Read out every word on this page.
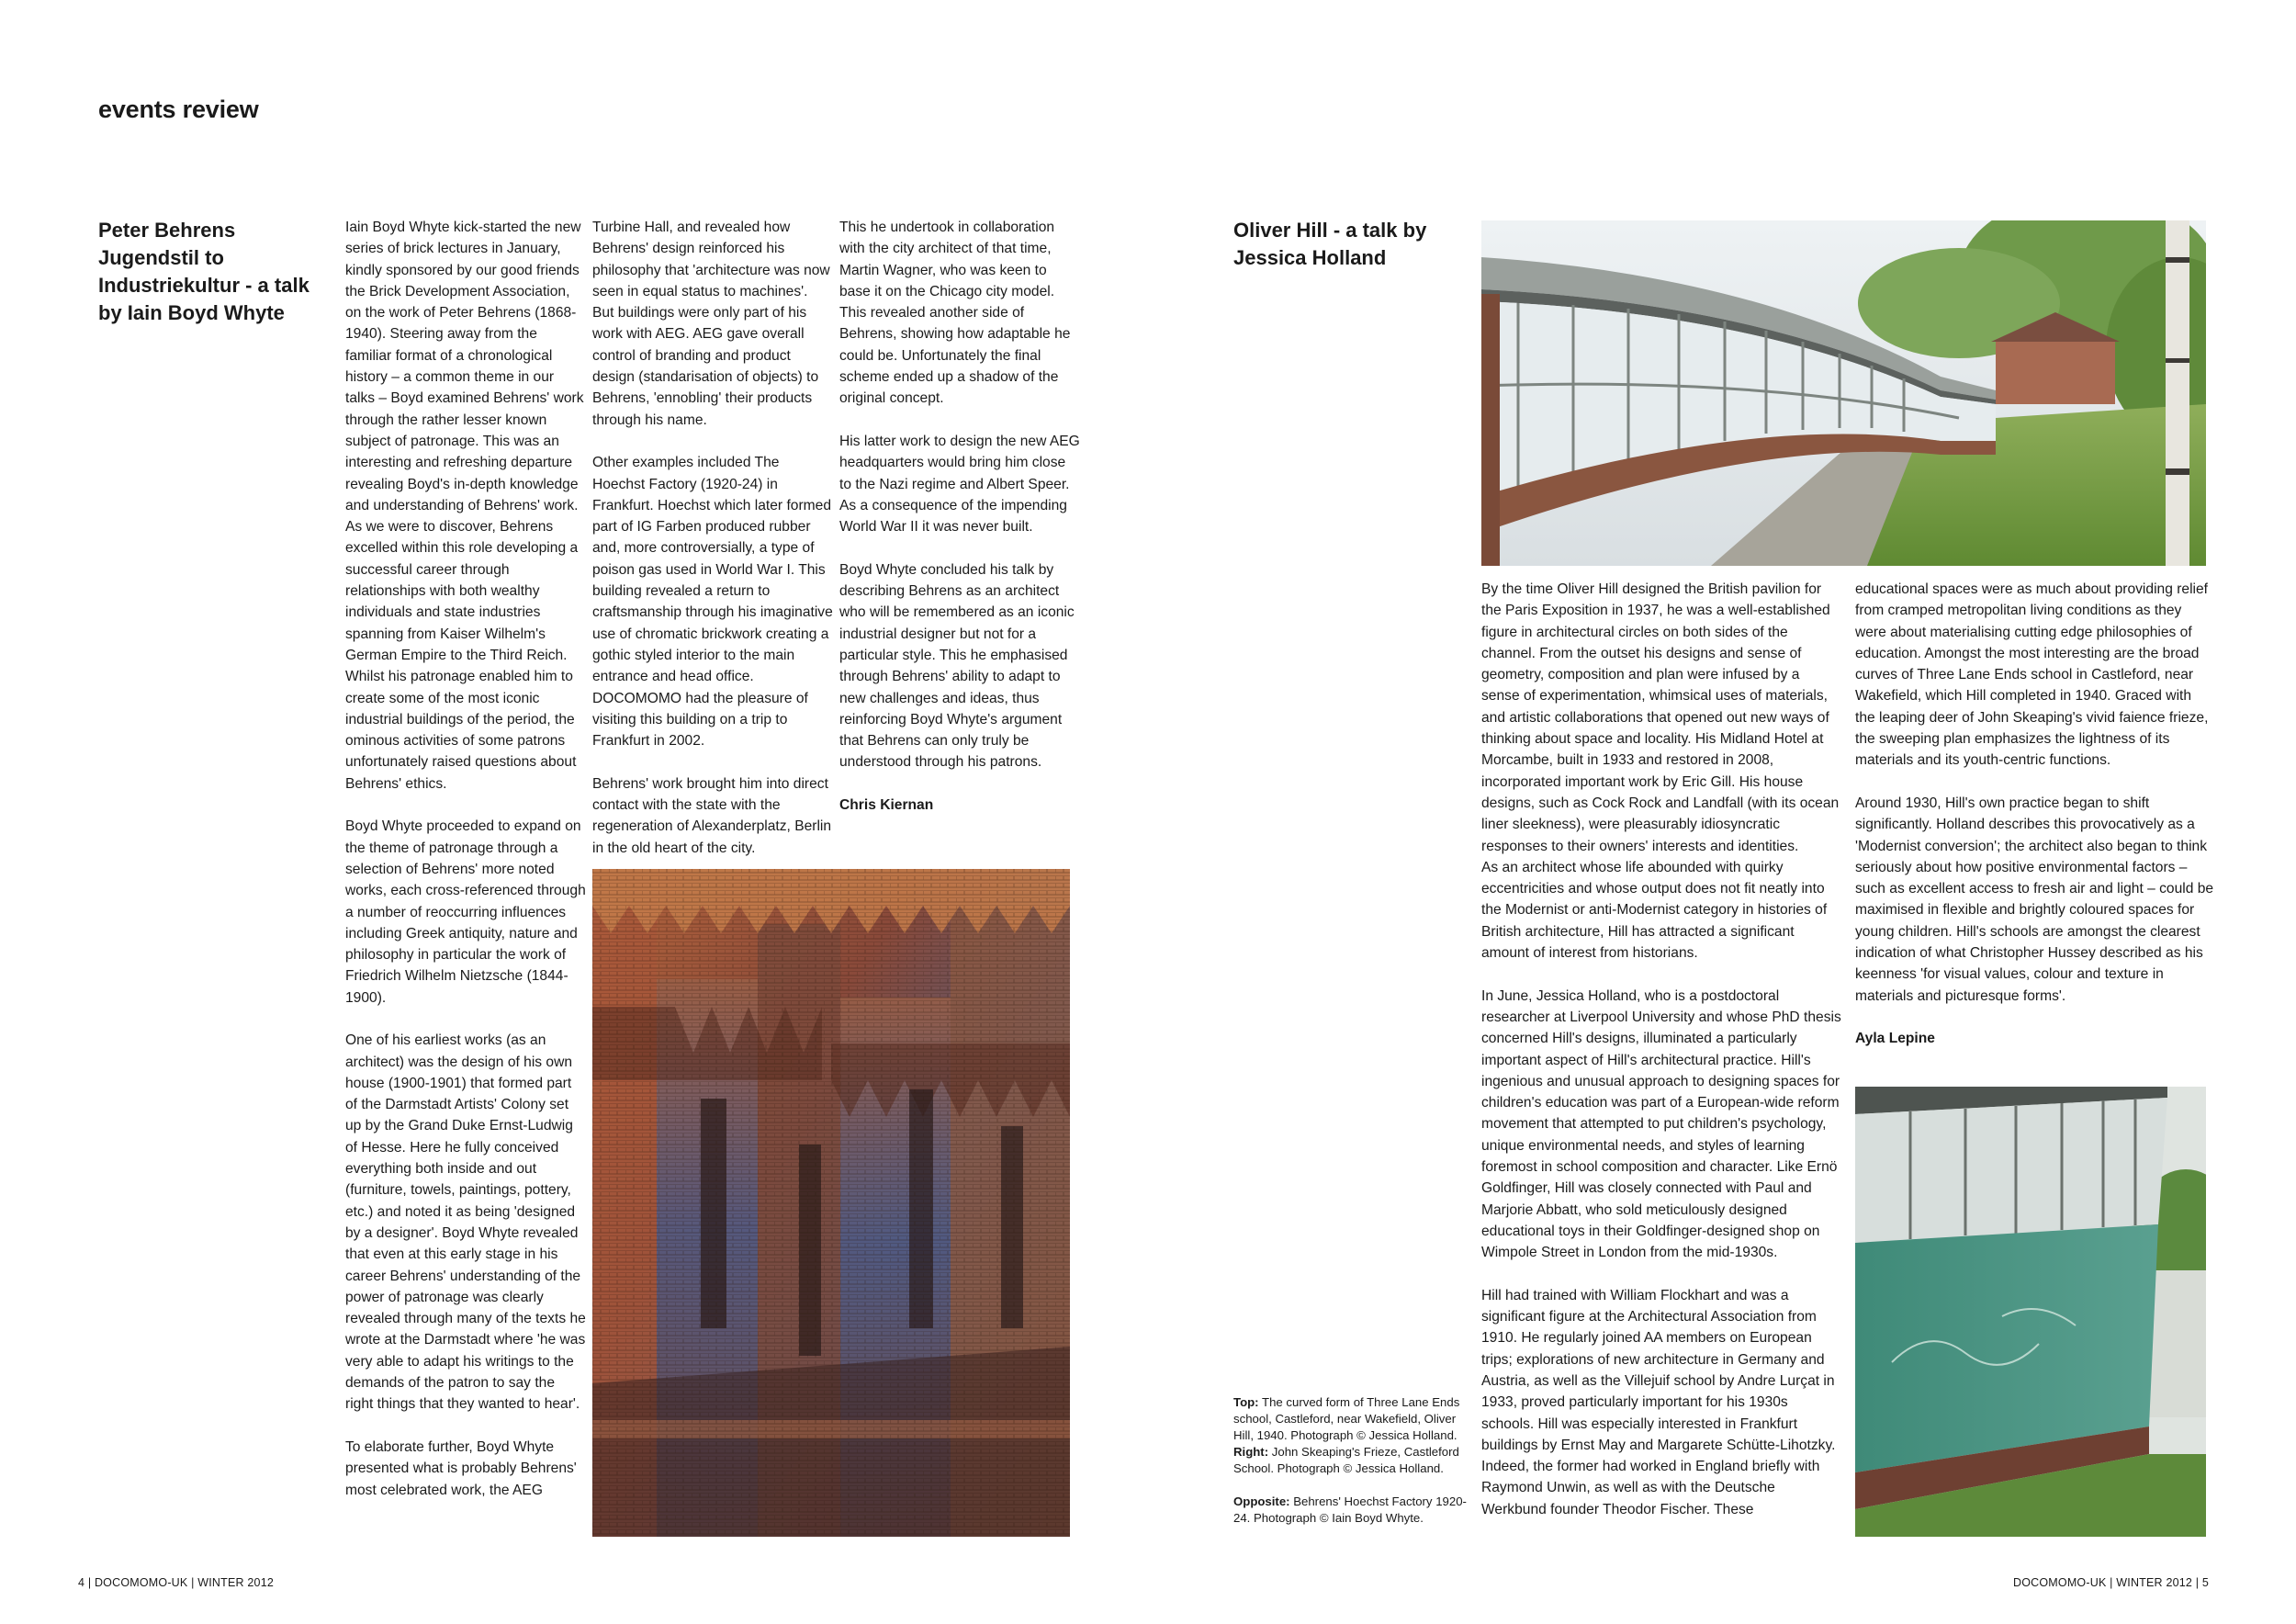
events review
Peter Behrens Jugendstil to Industriekultur - a talk by Iain Boyd Whyte

Iain Boyd Whyte kick-started the new series of brick lectures in January, kindly sponsored by our good friends the Brick Development Association, on the work of Peter Behrens (1868-1940). Steering away from the familiar format of a chronological history – a common theme in our talks – Boyd examined Behrens' work through the rather lesser known subject of patronage. This was an interesting and refreshing departure revealing Boyd's in-depth knowledge and understanding of Behrens' work. As we were to discover, Behrens excelled within this role developing a successful career through relationships with both wealthy individuals and state industries spanning from Kaiser Wilhelm's German Empire to the Third Reich. Whilst his patronage enabled him to create some of the most iconic industrial buildings of the period, the ominous activities of some patrons unfortunately raised questions about Behrens' ethics.

Boyd Whyte proceeded to expand on the theme of patronage through a selection of Behrens' more noted works, each cross-referenced through a number of reoccurring influences including Greek antiquity, nature and philosophy in particular the work of Friedrich Wilhelm Nietzsche (1844-1900).

One of his earliest works (as an architect) was the design of his own house (1900-1901) that formed part of the Darmstadt Artists' Colony set up by the Grand Duke Ernst-Ludwig of Hesse. Here he fully conceived everything both inside and out (furniture, towels, paintings, pottery, etc.) and noted it as being 'designed by a designer'. Boyd Whyte revealed that even at this early stage in his career Behrens' understanding of the power of patronage was clearly revealed through many of the texts he wrote at the Darmstadt where 'he was very able to adapt his writings to the demands of the patron to say the right things that they wanted to hear'.

To elaborate further, Boyd Whyte presented what is probably Behrens' most celebrated work, the AEG

Turbine Hall, and revealed how Behrens' design reinforced his philosophy that 'architecture was now seen in equal status to machines'. But buildings were only part of his work with AEG. AEG gave overall control of branding and product design (standarisation of objects) to Behrens, 'ennobling' their products through his name.

Other examples included The Hoechst Factory (1920-24) in Frankfurt. Hoechst which later formed part of IG Farben produced rubber and, more controversially, a type of poison gas used in World War I. This building revealed a return to craftsmanship through his imaginative use of chromatic brickwork creating a gothic styled interior to the main entrance and head office. DOCOMOMO had the pleasure of visiting this building on a trip to Frankfurt in 2002.

Behrens' work brought him into direct contact with the state with the regeneration of Alexanderplatz, Berlin in the old heart of the city.

This he undertook in collaboration with the city architect of that time, Martin Wagner, who was keen to base it on the Chicago city model. This revealed another side of Behrens, showing how adaptable he could be. Unfortunately the final scheme ended up a shadow of the original concept.

His latter work to design the new AEG headquarters would bring him close to the Nazi regime and Albert Speer. As a consequence of the impending World War II it was never built.

Boyd Whyte concluded his talk by describing Behrens as an architect who will be remembered as an iconic industrial designer but not for a particular style. This he emphasised through Behrens' ability to adapt to new challenges and ideas, thus reinforcing Boyd Whyte's argument that Behrens can only truly be understood through his patrons.

Chris Kiernan

Oliver Hill - a talk by Jessica Holland

By the time Oliver Hill designed the British pavilion for the Paris Exposition in 1937, he was a well-established figure in architectural circles on both sides of the channel. From the outset his designs and sense of geometry, composition and plan were infused by a sense of experimentation, whimsical uses of materials, and artistic collaborations that opened out new ways of thinking about space and locality. His Midland Hotel at Morcambe, built in 1933 and restored in 2008, incorporated important work by Eric Gill. His house designs, such as Cock Rock and Landfall (with its ocean liner sleekness), were pleasurably idiosyncratic responses to their owners' interests and identities.

As an architect whose life abounded with quirky eccentricities and whose output does not fit neatly into the Modernist or anti-Modernist category in histories of British architecture, Hill has attracted a significant amount of interest from historians.

In June, Jessica Holland, who is a postdoctoral researcher at Liverpool University and whose PhD thesis concerned Hill's designs, illuminated a particularly important aspect of Hill's architectural practice. Hill's ingenious and unusual approach to designing spaces for children's education was part of a European-wide reform movement that attempted to put children's psychology, unique environmental needs, and styles of learning foremost in school composition and character. Like Ernö Goldfinger, Hill was closely connected with Paul and Marjorie Abbatt, who sold meticulously designed educational toys in their Goldfinger-designed shop on Wimpole Street in London from the mid-1930s.

Hill had trained with William Flockhart and was a significant figure at the Architectural Association from 1910. He regularly joined AA members on European trips; explorations of new architecture in Germany and Austria, as well as the Villejuif school by Andre Lurçat in 1933, proved particularly important for his 1930s schools. Hill was especially interested in Frankfurt buildings by Ernst May and Margarete Schütte-Lihotzky. Indeed, the former had worked in England briefly with Raymond Unwin, as well as with the Deutsche Werkbund founder Theodor Fischer. These

educational spaces were as much about providing relief from cramped metropolitan living conditions as they were about materialising cutting edge philosophies of education. Amongst the most interesting are the broad curves of Three Lane Ends school in Castleford, near Wakefield, which Hill completed in 1940. Graced with the leaping deer of John Skeaping's vivid faience frieze, the sweeping plan emphasizes the lightness of its materials and its youth-centric functions.

Around 1930, Hill's own practice began to shift significantly. Holland describes this provocatively as a 'Modernist conversion'; the architect also began to think seriously about how positive environmental factors – such as excellent access to fresh air and light – could be maximised in flexible and brightly coloured spaces for young children. Hill's schools are amongst the clearest indication of what Christopher Hussey described as his keenness 'for visual values, colour and texture in materials and picturesque forms'.

Ayla Lepine

Top: The curved form of Three Lane Ends school, Castleford, near Wakefield, Oliver Hill, 1940. Photograph © Jessica Holland.

Right: John Skeaping's Frieze, Castleford School. Photograph © Jessica Holland.

Opposite: Behrens' Hoechst Factory 1920-24. Photograph © Iain Boyd Whyte.

4 | DOCOMOMO-UK | WINTER 2012	DOCOMOMO-UK | WINTER 2012 | 5
